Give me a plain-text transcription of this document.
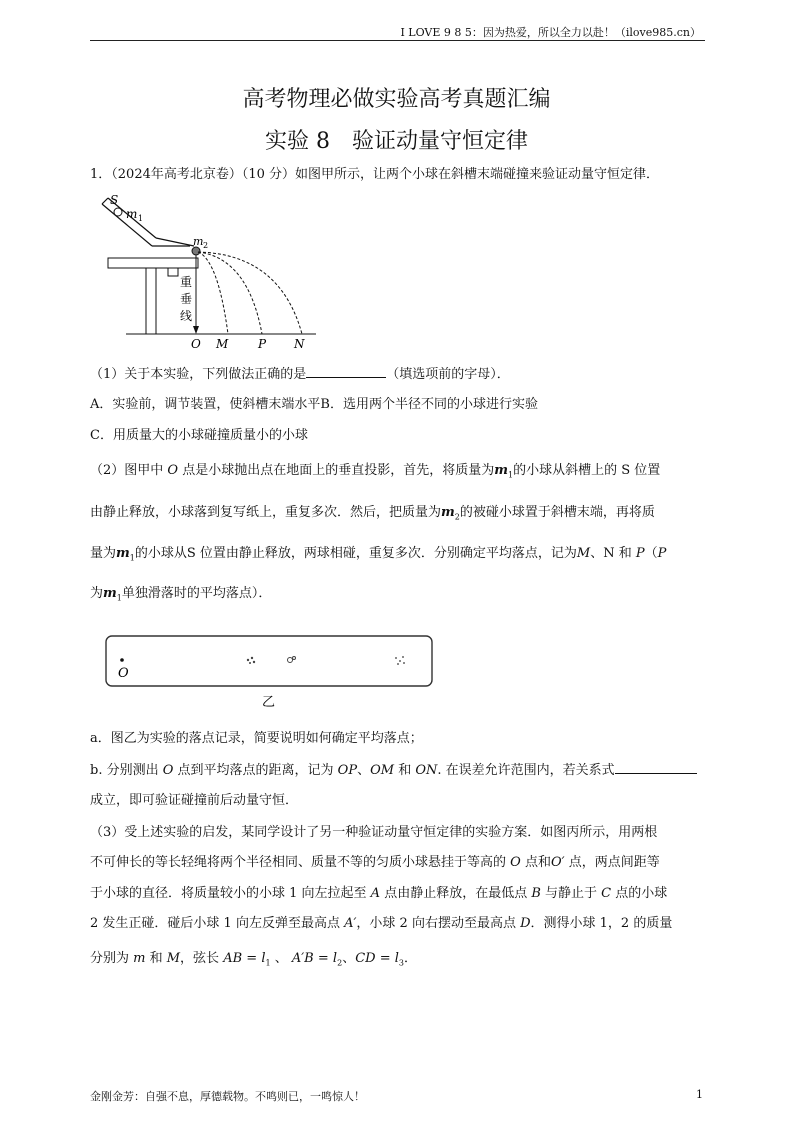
I LOVE 9 8 5：因为热爱，所以全力以赴！（ilove985.cn）
高考物理必做实验高考真题汇编
实验 8　验证动量守恒定律
1．（2024年高考北京卷）（10 分）如图甲所示，让两个小球在斜槽末端碰撞来验证动量守恒定律．
S
m 1
m 2
重
垂
线
O M P N
（1）关于本实验，下列做法正确的是	（填选项前的字母）．
A．实验前，调节装置，使斜槽末端水平B．选用两个半径不同的小球进行实验
C．用质量大的小球碰撞质量小的小球
（2）图甲中 O 点是小球抛出点在地面上的垂直投影，首先，将质量为$m_1$的小球从斜槽上的 S 位置
由静止释放，小球落到复写纸上，重复多次．然后，把质量为$m_2$的被碰小球置于斜槽末端，再将质
量为$m_1$的小球从S 位置由静止释放，两球相碰，重复多次．分别确定平均落点，记为M、N 和 P（P
为$m_1$单独滑落时的平均落点）．
O
乙
a．图乙为实验的落点记录，简要说明如何确定平均落点；
b. 分别测出 O 点到平均落点的距离，记为 OP、OM 和 ON. 在误差允许范围内，若关系式
成立，即可验证碰撞前后动量守恒．
（3）受上述实验的启发，某同学设计了另一种验证动量守恒定律的实验方案．如图丙所示，用两根
不可伸长的等长轻绳将两个半径相同、质量不等的匀质小球悬挂于等高的 O 点和O′ 点，两点间距等
于小球的直径．将质量较小的小球 1 向左拉起至 A 点由静止释放，在最低点 B 与静止于 C 点的小球
2 发生正碰．碰后小球 1 向左反弹至最高点 A′，小球 2 向右摆动至最高点 D．测得小球 1，2 的质量
分别为 m 和 M，弦长 AB = $l_1$ 、 $A'B = l_2$、CD = $l_3$．
金刚金芳：自强不息，厚德载物。不鸣则已，一鸣惊人！	1
